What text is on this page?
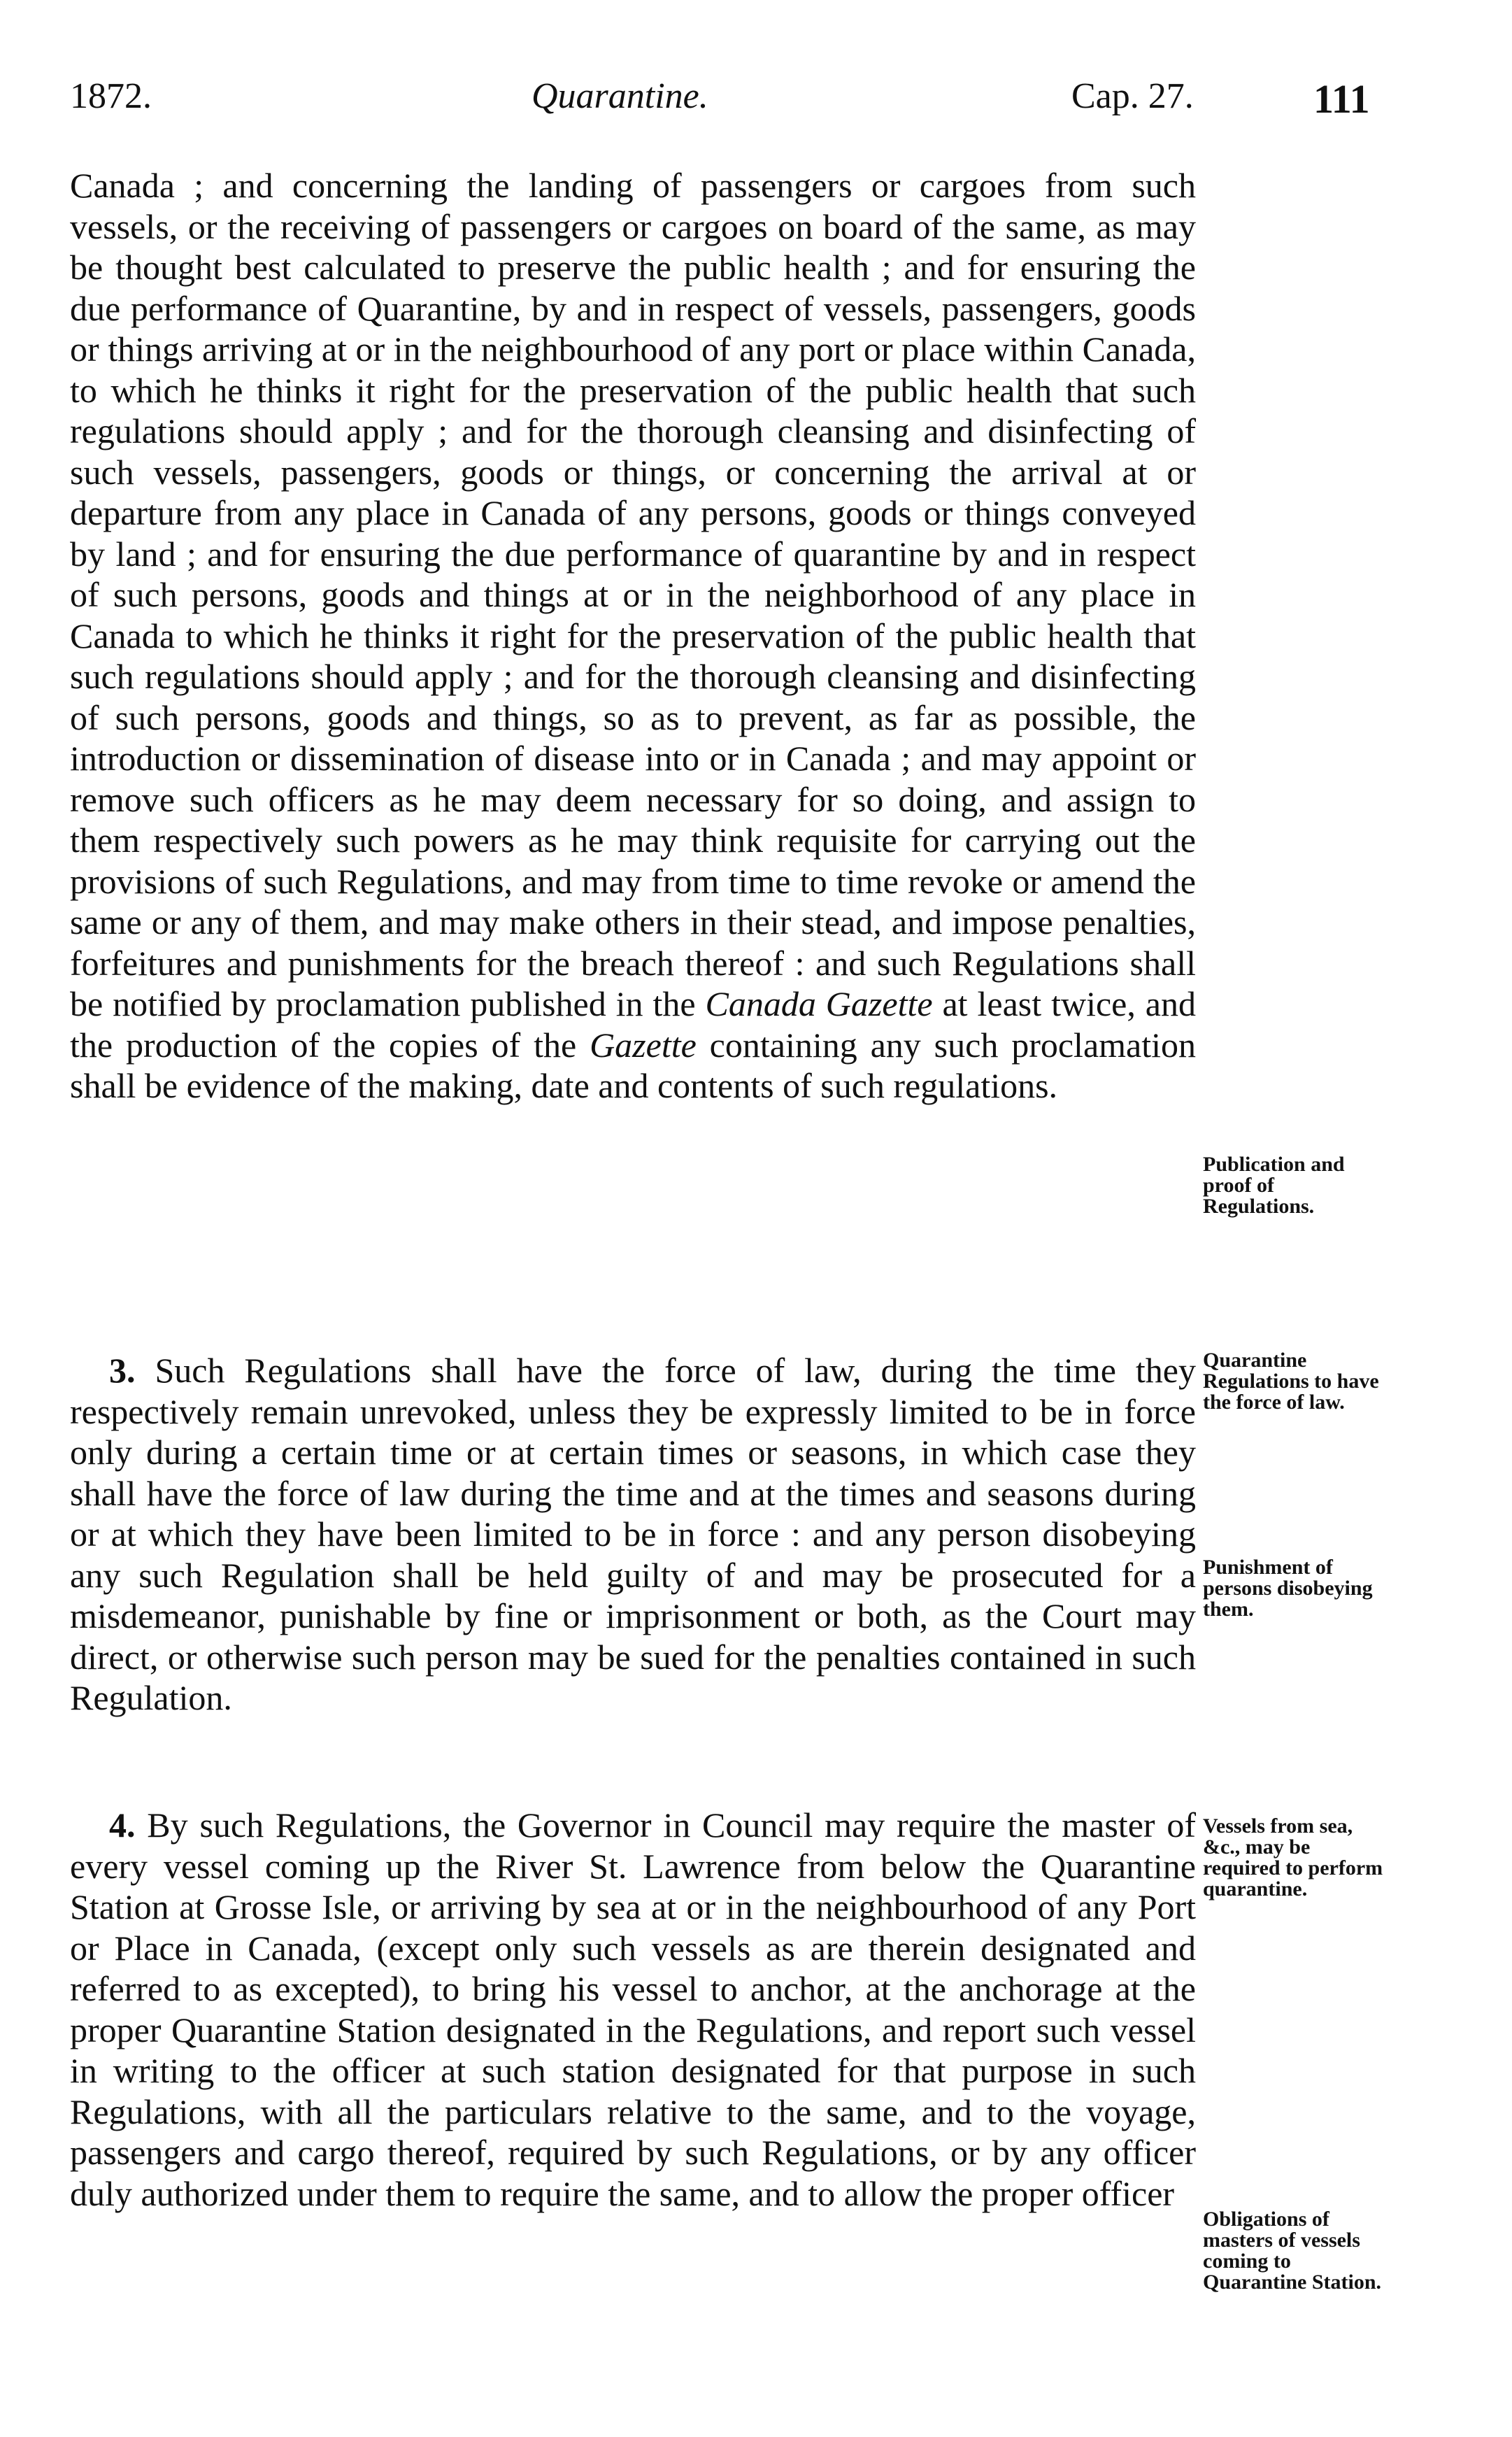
1872.	Quarantine.	Cap. 27.	111

Canada ; and concerning the landing of passengers or cargoes from such vessels, or the receiving of passengers or cargoes on board of the same, as may be thought best calculated to preserve the public health ; and for ensuring the due performance of Quarantine, by and in respect of vessels, passengers, goods or things arriving at or in the neighbourhood of any port or place within Canada, to which he thinks it right for the preservation of the public health that such regulations should apply ; and for the thorough cleansing and disinfecting of such vessels, passengers, goods or things, or concerning the arrival at or departure from any place in Canada of any persons, goods or things conveyed by land ; and for ensuring the due performance of quarantine by and in respect of such persons, goods and things at or in the neighborhood of any place in Canada to which he thinks it right for the preservation of the public health that such regulations should apply ; and for the thorough cleansing and disinfecting of such persons, goods and things, so as to prevent, as far as possible, the introduction or dissemination of disease into or in Canada ; and may appoint or remove such officers as he may deem necessary for so doing, and assign to them respectively such powers as he may think requisite for carrying out the provisions of such Regulations, and may from time to time revoke or amend the same or any of them, and may make others in their stead, and impose penalties, forfeitures and punishments for the breach thereof : and such Regulations shall be notified by proclamation published in the Canada Gazette at least twice, and the production of the copies of the Gazette containing any such proclamation shall be evidence of the making, date and contents of such regulations.

3. Such Regulations shall have the force of law, during the time they respectively remain unrevoked, unless they be expressly limited to be in force only during a certain time or at certain times or seasons, in which case they shall have the force of law during the time and at the times and seasons during or at which they have been limited to be in force : and any person disobeying any such Regulation shall be held guilty of and may be prosecuted for a misdemeanor, punishable by fine or imprisonment or both, as the Court may direct, or otherwise such person may be sued for the penalties contained in such Regulation.

4. By such Regulations, the Governor in Council may require the master of every vessel coming up the River St. Lawrence from below the Quarantine Station at Grosse Isle, or arriving by sea at or in the neighbourhood of any Port or Place in Canada, (except only such vessels as are therein designated and referred to as excepted), to bring his vessel to anchor, at the anchorage at the proper Quarantine Station designated in the Regulations, and report such vessel in writing to the officer at such station designated for that purpose in such Regulations, with all the particulars relative to the same, and to the voyage, passengers and cargo thereof, required by such Regulations, or by any officer duly authorized under them to require the same, and to allow the proper officer

Publication and proof of Regulations.

Quarantine Regulations to have the force of law.

Punishment of persons disobeying them.

Vessels from sea, &c., may be required to perform quarantine.

Obligations of masters of vessels coming to Quarantine Station.
